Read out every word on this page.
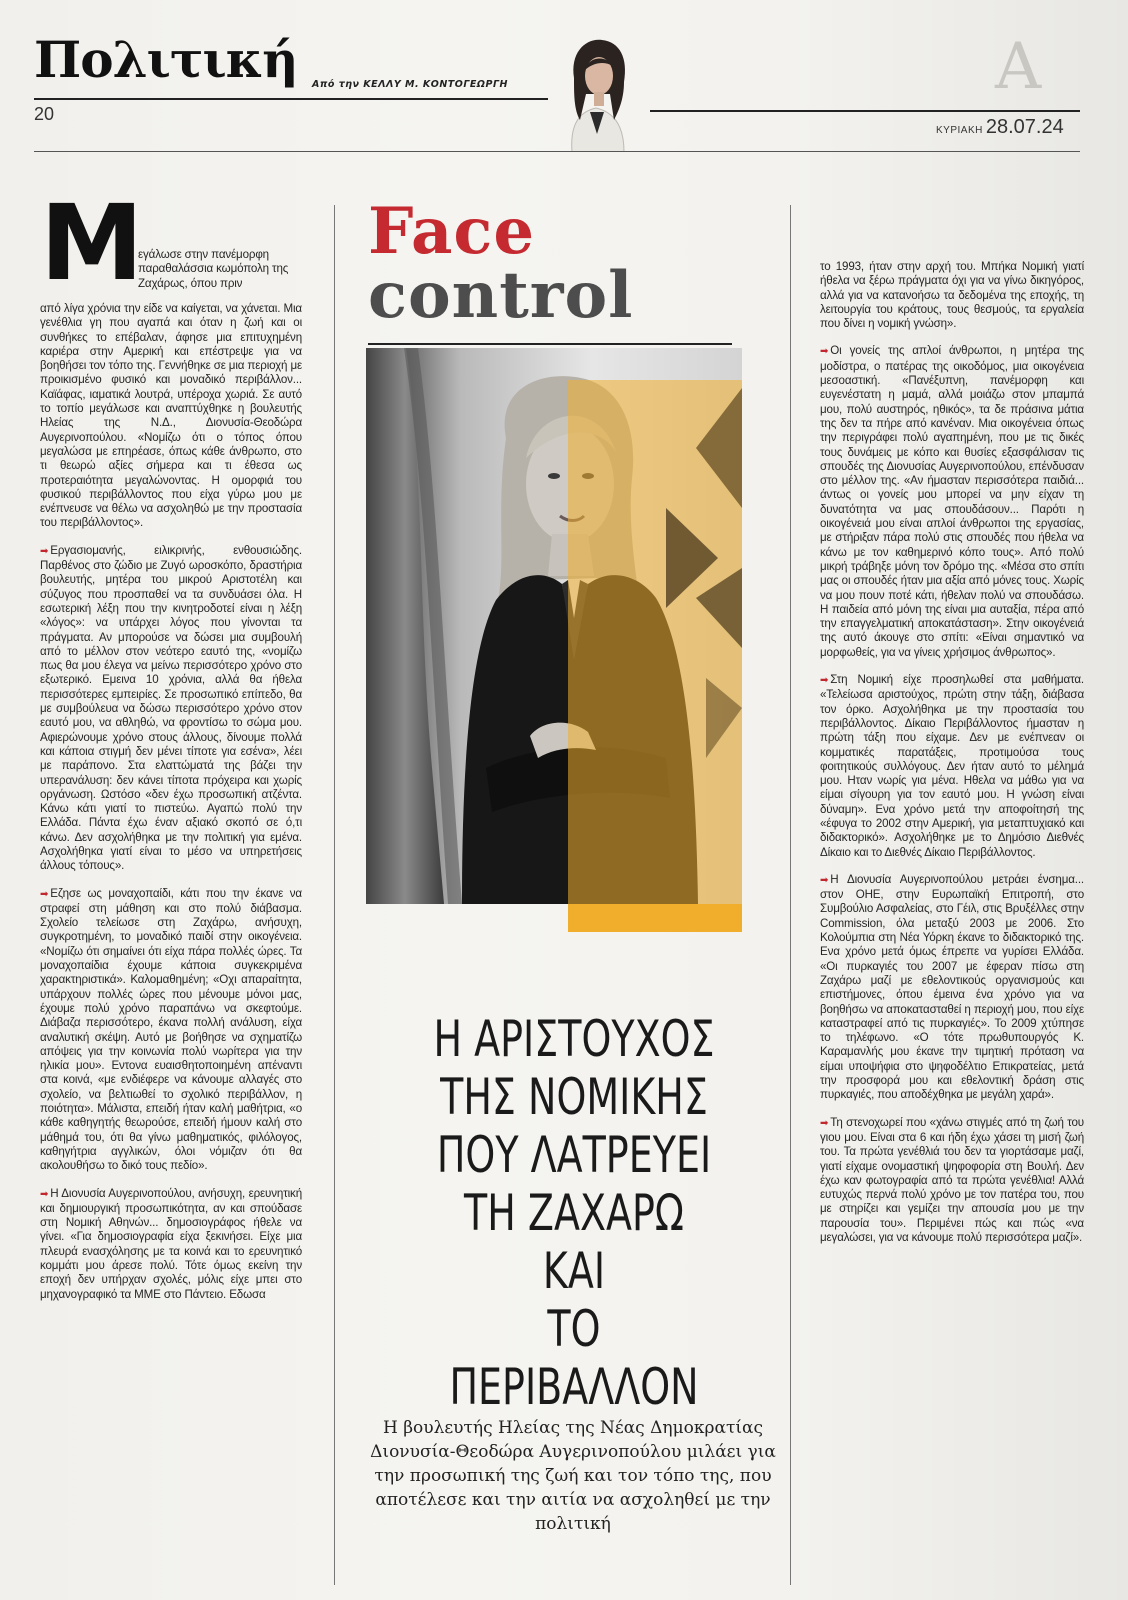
Πολιτική Από την ΚΕΛΛΥ Μ. ΚΟΝΤΟΓΕΩΡΓΗ
20
Α
ΚΥΡΙΑΚΗ 28.07.24
Μ
εγάλωσε στην πανέμορφη παραθαλάσσια κωμόπολη της Ζαχάρως, όπου πριν

από λίγα χρόνια την είδε να καίγεται, να χάνεται. Μια γενέθλια γη που αγαπά και όταν η ζωή και οι συνθήκες το επέβαλαν, άφησε μια επιτυχημένη καριέρα στην Αμερική και επέστρεψε για να βοηθήσει τον τόπο της. Γεννήθηκε σε μια περιοχή με προικισμένο φυσικό και μοναδικό περιβάλλον... Καϊάφας, ιαματικά λουτρά, υπέροχα χωριά. Σε αυτό το τοπίο μεγάλωσε και αναπτύχθηκε η βουλευτής Ηλείας της Ν.Δ., Διονυσία-Θεοδώρα Αυγερινοπούλου. «Νομίζω ότι ο τόπος όπου μεγαλώσα με επηρέασε, όπως κάθε άνθρωπο, στο τι θεωρώ αξίες σήμερα και τι έθεσα ως προτεραιότητα μεγαλώνοντας. Η ομορφιά του φυσικού περιβάλλοντος που είχα γύρω μου με ενέπνευσε να θέλω να ασχοληθώ με την προστασία του περιβάλλοντος».

➡ Εργασιομανής, ειλικρινής, ενθουσιώδης. Παρθένος στο ζώδιο με Ζυγό ωροσκόπο, δραστήρια βουλευτής, μητέρα του μικρού Αριστοτέλη και σύζυγος που προσπαθεί να τα συνδυάσει όλα. Η εσωτερική λέξη που την κινητροδοτεί είναι η λέξη «λόγος»: να υπάρχει λόγος που γίνονται τα πράγματα. Αν μπορούσε να δώσει μια συμβουλή από το μέλλον στον νεότερο εαυτό της, «νομίζω πως θα μου έλεγα να μείνω περισσότερο χρόνο στο εξωτερικό. Εμεινα 10 χρόνια, αλλά θα ήθελα περισσότερες εμπειρίες. Σε προσωπικό επίπεδο, θα με συμβούλευα να δώσω περισσότερο χρόνο στον εαυτό μου, να αθληθώ, να φροντίσω το σώμα μου. Αφιερώνουμε χρόνο στους άλλους, δίνουμε πολλά και κάποια στιγμή δεν μένει τίποτε για εσένα», λέει με παράπονο. Στα ελαττώματά της βάζει την υπερανάλυση: δεν κάνει τίποτα πρόχειρα και χωρίς οργάνωση. Ωστόσο «δεν έχω προσωπική ατζέντα. Κάνω κάτι γιατί το πιστεύω. Αγαπώ πολύ την Ελλάδα. Πάντα έχω έναν αξιακό σκοπό σε ό,τι κάνω. Δεν ασχολήθηκα με την πολιτική για εμένα. Ασχολήθηκα γιατί είναι το μέσο να υπηρετήσεις άλλους τόπους».

➡ Εζησε ως μοναχοπαίδι, κάτι που την έκανε να στραφεί στη μάθηση και στο πολύ διάβασμα. Σχολείο τελείωσε στη Ζαχάρω, ανήσυχη, συγκροτημένη, το μοναδικό παιδί στην οικογένεια. «Νομίζω ότι σημαίνει ότι είχα πάρα πολλές ώρες. Τα μοναχοπαίδια έχουμε κάποια συγκεκριμένα χαρακτηριστικά». Καλομαθημένη; «Οχι απαραίτητα, υπάρχουν πολλές ώρες που μένουμε μόνοι μας, έχουμε πολύ χρόνο παραπάνω να σκεφτούμε. Διάβαζα περισσότερο, έκανα πολλή ανάλυση, είχα αναλυτική σκέψη. Αυτό με βοήθησε να σχηματίζω απόψεις για την κοινωνία πολύ νωρίτερα για την ηλικία μου». Εντονα ευαισθητοποιημένη απέναντι στα κοινά, «με ενδιέφερε να κάνουμε αλλαγές στο σχολείο, να βελτιωθεί το σχολικό περιβάλλον, η ποιότητα». Μάλιστα, επειδή ήταν καλή μαθήτρια, «ο κάθε καθηγητής θεωρούσε, επειδή ήμουν καλή στο μάθημά του, ότι θα γίνω μαθηματικός, φιλόλογος, καθηγήτρια αγγλικών, όλοι νόμιζαν ότι θα ακολουθήσω το δικό τους πεδίο».

➡ Η Διονυσία Αυγερινοπούλου, ανήσυχη, ερευνητική και δημιουργική προσωπικότητα, αν και σπούδασε στη Νομική Αθηνών... δημοσιογράφος ήθελε να γίνει. «Για δημοσιογραφία είχα ξεκινήσει. Είχε μια πλευρά ενασχόλησης με τα κοινά και το ερευνητικό κομμάτι μου άρεσε πολύ. Τότε όμως εκείνη την εποχή δεν υπήρχαν σχολές, μόλις είχε μπει στο μηχανογραφικό τα ΜΜΕ στο Πάντειο. Εδωσα

Face
control
Η ΑΡΙΣΤΟΥΧΟΣ
ΤΗΣ ΝΟΜΙΚΗΣ
ΠΟΥ ΛΑΤΡΕΥΕΙ
ΤΗ ΖΑΧΑΡΩ ΚΑΙ
ΤΟ ΠΕΡΙΒΑΛΛΟΝ
Η βουλευτής Ηλείας της Νέας Δημοκρατίας Διονυσία-Θεοδώρα Αυγερινοπούλου μιλάει για την προσωπική της ζωή και τον τόπο της, που αποτέλεσε και την αιτία να ασχοληθεί με την πολιτική

το 1993, ήταν στην αρχή του. Μπήκα Νομική γιατί ήθελα να ξέρω πράγματα όχι για να γίνω δικηγόρος, αλλά για να κατανοήσω τα δεδομένα της εποχής, τη λειτουργία του κράτους, τους θεσμούς, τα εργαλεία που δίνει η νομική γνώση».

➡ Οι γονείς της απλοί άνθρωποι, η μητέρα της μοδίστρα, ο πατέρας της οικοδόμος, μια οικογένεια μεσοαστική. «Πανέξυπνη, πανέμορφη και ευγενέστατη η μαμά, αλλά μοιάζω στον μπαμπά μου, πολύ αυστηρός, ηθικός», τα δε πράσινα μάτια της δεν τα πήρε από κανέναν. Μια οικογένεια όπως την περιγράφει πολύ αγαπημένη, που με τις δικές τους δυνάμεις με κόπο και θυσίες εξασφάλισαν τις σπουδές της Διονυσίας Αυγερινοπούλου, επένδυσαν στο μέλλον της. «Αν ήμασταν περισσότερα παιδιά... άντως οι γονείς μου μπορεί να μην είχαν τη δυνατότητα να μας σπουδάσουν... Παρότι η οικογένειά μου είναι απλοί άνθρωποι της εργασίας, με στήριξαν πάρα πολύ στις σπουδές που ήθελα να κάνω με τον καθημερινό κόπο τους». Από πολύ μικρή τράβηξε μόνη τον δρόμο της. «Μέσα στο σπίτι μας οι σπουδές ήταν μια αξία από μόνες τους. Χωρίς να μου πουν ποτέ κάτι, ήθελαν πολύ να σπουδάσω. Η παιδεία από μόνη της είναι μια αυταξία, πέρα από την επαγγελματική αποκατάσταση». Στην οικογένειά της αυτό άκουγε στο σπίτι: «Είναι σημαντικό να μορφωθείς, για να γίνεις χρήσιμος άνθρωπος».

➡ Στη Νομική είχε προσηλωθεί στα μαθήματα. «Τελείωσα αριστούχος, πρώτη στην τάξη, διάβασα τον όρκο. Ασχολήθηκα με την προστασία του περιβάλλοντος. Δίκαιο Περιβάλλοντος ήμασταν η πρώτη τάξη που είχαμε. Δεν με ενέπνεαν οι κομματικές παρατάξεις, προτιμούσα τους φοιτητικούς συλλόγους. Δεν ήταν αυτό το μέλημά μου. Ηταν νωρίς για μένα. Ηθελα να μάθω για να είμαι σίγουρη για τον εαυτό μου. Η γνώση είναι δύναμη». Ενα χρόνο μετά την αποφοίτησή της «έφυγα το 2002 στην Αμερική, για μεταπτυχιακό και διδακτορικό». Ασχολήθηκε με το Δημόσιο Διεθνές Δίκαιο και το Διεθνές Δίκαιο Περιβάλλοντος.

➡ Η Διονυσία Αυγερινοπούλου μετράει ένσημα... στον ΟΗΕ, στην Ευρωπαϊκή Επιτροπή, στο Συμβούλιο Ασφαλείας, στο Γέιλ, στις Βρυξέλλες στην Commission, όλα μεταξύ 2003 με 2006. Στο Κολούμπια στη Νέα Υόρκη έκανε το διδακτορικό της. Ενα χρόνο μετά όμως έπρεπε να γυρίσει Ελλάδα. «Οι πυρκαγιές του 2007 με έφεραν πίσω στη Ζαχάρω μαζί με εθελοντικούς οργανισμούς και επιστήμονες, όπου έμεινα ένα χρόνο για να βοηθήσω να αποκατασταθεί η περιοχή μου, που είχε καταστραφεί από τις πυρκαγιές». Το 2009 χτύπησε το τηλέφωνο. «Ο τότε πρωθυπουργός Κ. Καραμανλής μου έκανε την τιμητική πρόταση να είμαι υποψήφια στο ψηφοδέλτιο Επικρατείας, μετά την προσφορά μου και εθελοντική δράση στις πυρκαγιές, που αποδέχθηκα με μεγάλη χαρά».

➡ Τη στενοχωρεί που «χάνω στιγμές από τη ζωή του γιου μου. Είναι στα 6 και ήδη έχω χάσει τη μισή ζωή του. Τα πρώτα γενέθλιά του δεν τα γιορτάσαμε μαζί, γιατί είχαμε ονομαστική ψηφοφορία στη Βουλή. Δεν έχω καν φωτογραφία από τα πρώτα γενέθλια! Αλλά ευτυχώς περνά πολύ χρόνο με τον πατέρα του, που με στηρίζει και γεμίζει την απουσία μου με την παρουσία του». Περιμένει πώς και πώς «να μεγαλώσει, για να κάνουμε πολύ περισσότερα μαζί».
